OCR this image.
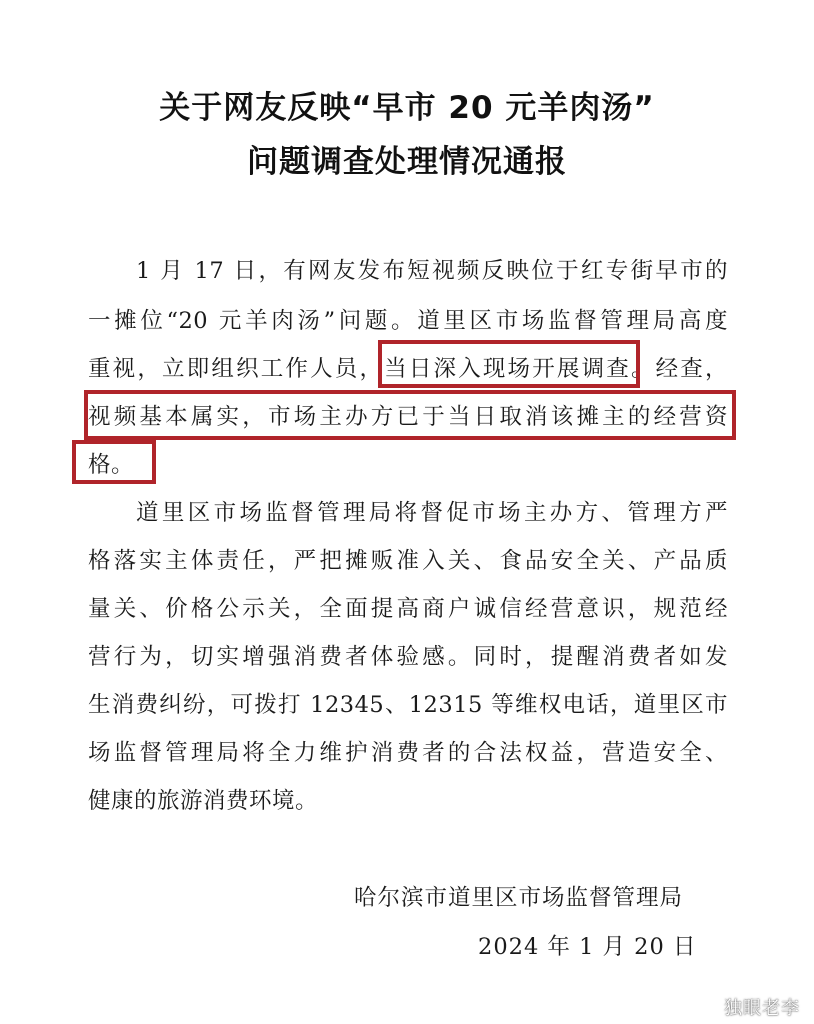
关于网友反映“早市 20 元羊肉汤”
问题调查处理情况通报
1 月 17 日，有网友发布短视频反映位于红专街早市的
一摊位“20 元羊肉汤”问题。道里区市场监督管理局高度
重视，立即组织工作人员，当日深入现场开展调查。经查，
视频基本属实，市场主办方已于当日取消该摊主的经营资
格。
道里区市场监督管理局将督促市场主办方、管理方严
格落实主体责任，严把摊贩准入关、食品安全关、产品质
量关、价格公示关，全面提高商户诚信经营意识，规范经
营行为，切实增强消费者体验感。同时，提醒消费者如发
生消费纠纷，可拨打 12345、12315 等维权电话，道里区市
场监督管理局将全力维护消费者的合法权益，营造安全、
健康的旅游消费环境。
哈尔滨市道里区市场监督管理局
2024 年 1 月 20 日
独眼老李
